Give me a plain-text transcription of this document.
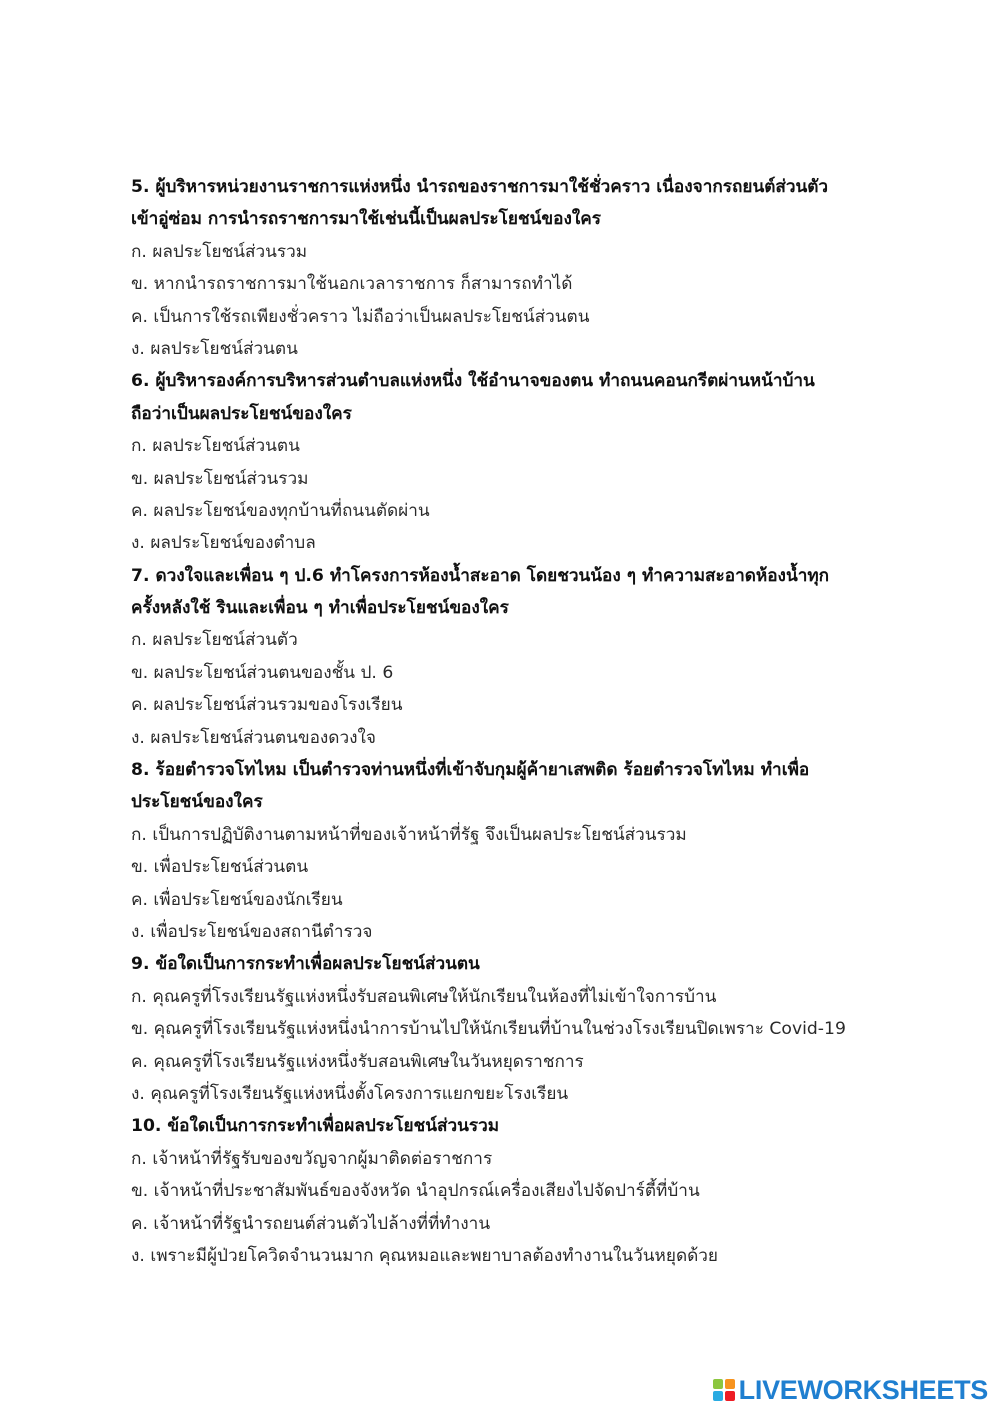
5. ผู้บริหารหน่วยงานราชการแห่งหนึ่ง นำรถของราชการมาใช้ชั่วคราว เนื่องจากรถยนต์ส่วนตัว
เข้าอู่ซ่อม การนำรถราชการมาใช้เช่นนี้เป็นผลประโยชน์ของใคร
ก. ผลประโยชน์ส่วนรวม
ข. หากนำรถราชการมาใช้นอกเวลาราชการ ก็สามารถทำได้
ค. เป็นการใช้รถเพียงชั่วคราว ไม่ถือว่าเป็นผลประโยชน์ส่วนตน
ง. ผลประโยชน์ส่วนตน
6. ผู้บริหารองค์การบริหารส่วนตำบลแห่งหนึ่ง ใช้อำนาจของตน ทำถนนคอนกรีตผ่านหน้าบ้าน
ถือว่าเป็นผลประโยชน์ของใคร
ก. ผลประโยชน์ส่วนตน
ข. ผลประโยชน์ส่วนรวม
ค. ผลประโยชน์ของทุกบ้านที่ถนนตัดผ่าน
ง. ผลประโยชน์ของตำบล
7. ดวงใจและเพื่อน ๆ ป.6 ทำโครงการห้องน้ำสะอาด โดยชวนน้อง ๆ ทำความสะอาดห้องน้ำทุก
ครั้งหลังใช้ รินและเพื่อน ๆ ทำเพื่อประโยชน์ของใคร
ก. ผลประโยชน์ส่วนตัว
ข. ผลประโยชน์ส่วนตนของชั้น ป. 6
ค. ผลประโยชน์ส่วนรวมของโรงเรียน
ง. ผลประโยชน์ส่วนตนของดวงใจ
8. ร้อยตำรวจโทไหม เป็นตำรวจท่านหนึ่งที่เข้าจับกุมผู้ค้ายาเสพติด ร้อยตำรวจโทไหม ทำเพื่อ
ประโยชน์ของใคร
ก. เป็นการปฏิบัติงานตามหน้าที่ของเจ้าหน้าที่รัฐ จึงเป็นผลประโยชน์ส่วนรวม
ข. เพื่อประโยชน์ส่วนตน
ค. เพื่อประโยชน์ของนักเรียน
ง. เพื่อประโยชน์ของสถานีตำรวจ
9. ข้อใดเป็นการกระทำเพื่อผลประโยชน์ส่วนตน
ก. คุณครูที่โรงเรียนรัฐแห่งหนึ่งรับสอนพิเศษให้นักเรียนในห้องที่ไม่เข้าใจการบ้าน
ข. คุณครูที่โรงเรียนรัฐแห่งหนึ่งนำการบ้านไปให้นักเรียนที่บ้านในช่วงโรงเรียนปิดเพราะ Covid-19
ค. คุณครูที่โรงเรียนรัฐแห่งหนึ่งรับสอนพิเศษในวันหยุดราชการ
ง. คุณครูที่โรงเรียนรัฐแห่งหนึ่งตั้งโครงการแยกขยะโรงเรียน
10. ข้อใดเป็นการกระทำเพื่อผลประโยชน์ส่วนรวม
ก. เจ้าหน้าที่รัฐรับของขวัญจากผู้มาติดต่อราชการ
ข. เจ้าหน้าที่ประชาสัมพันธ์ของจังหวัด นำอุปกรณ์เครื่องเสียงไปจัดปาร์ตี้ที่บ้าน
ค. เจ้าหน้าที่รัฐนำรถยนต์ส่วนตัวไปล้างที่ที่ทำงาน
ง. เพราะมีผู้ป่วยโควิดจำนวนมาก คุณหมอและพยาบาลต้องทำงานในวันหยุดด้วย
LIVEWORKSHEETS
